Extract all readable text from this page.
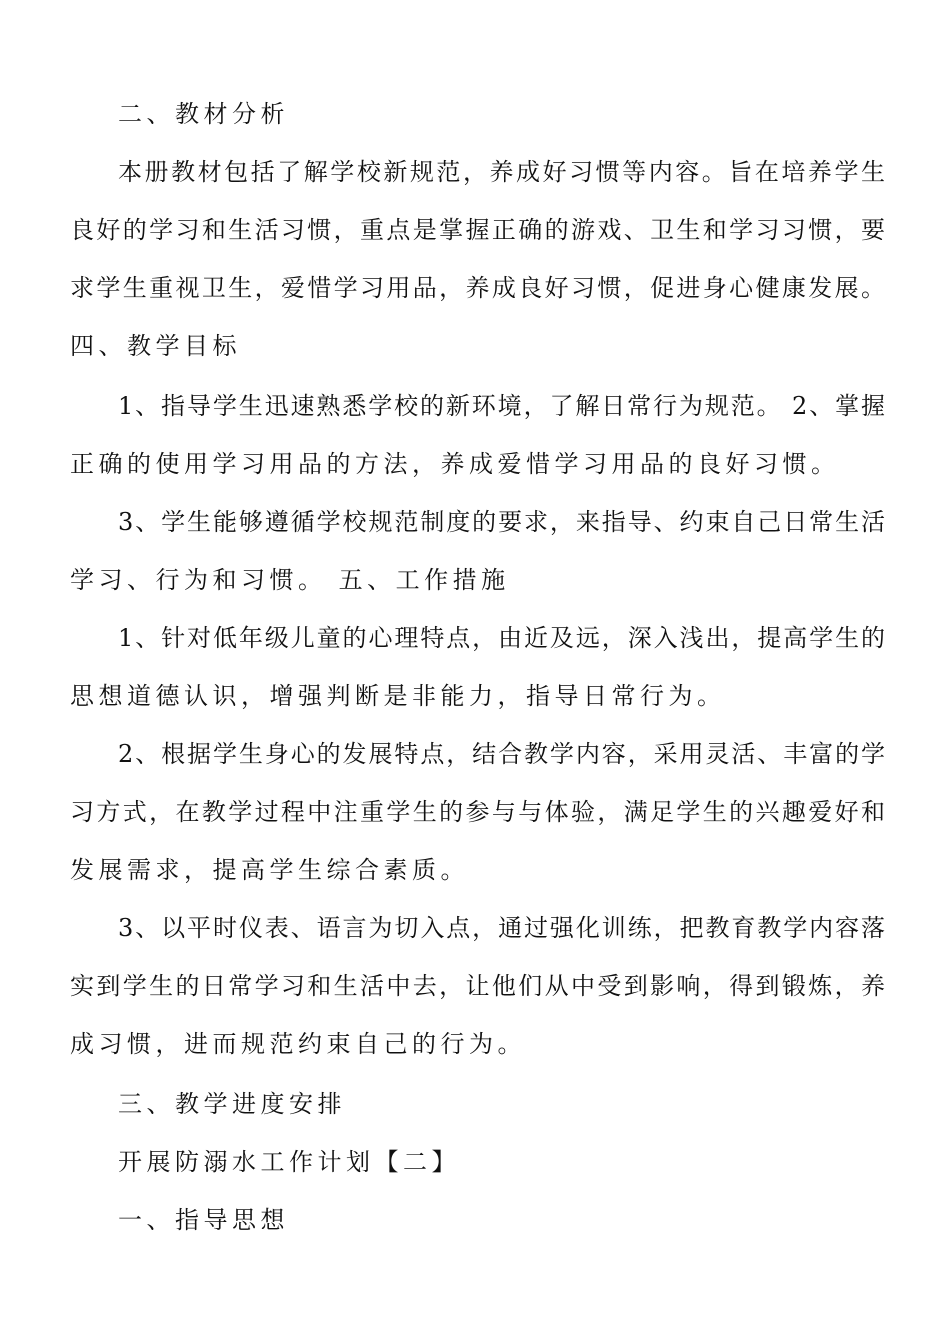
二、教材分析
本册教材包括了解学校新规范，养成好习惯等内容。旨在培养学生
良好的学习和生活习惯，重点是掌握正确的游戏、卫生和学习习惯，要
求学生重视卫生，爱惜学习用品，养成良好习惯，促进身心健康发展。
四、教学目标
1、指导学生迅速熟悉学校的新环境，了解日常行为规范。 2、掌握
正确的使用学习用品的方法，养成爱惜学习用品的良好习惯。
3、学生能够遵循学校规范制度的要求，来指导、约束自己日常生活
学习、行为和习惯。 五、工作措施
1、针对低年级儿童的心理特点，由近及远，深入浅出，提高学生的
思想道德认识，增强判断是非能力，指导日常行为。
2、根据学生身心的发展特点，结合教学内容，采用灵活、丰富的学
习方式，在教学过程中注重学生的参与与体验，满足学生的兴趣爱好和
发展需求，提高学生综合素质。
3、以平时仪表、语言为切入点，通过强化训练，把教育教学内容落
实到学生的日常学习和生活中去，让他们从中受到影响，得到锻炼，养
成习惯，进而规范约束自己的行为。
三、教学进度安排
开展防溺水工作计划【二】
一、指导思想
